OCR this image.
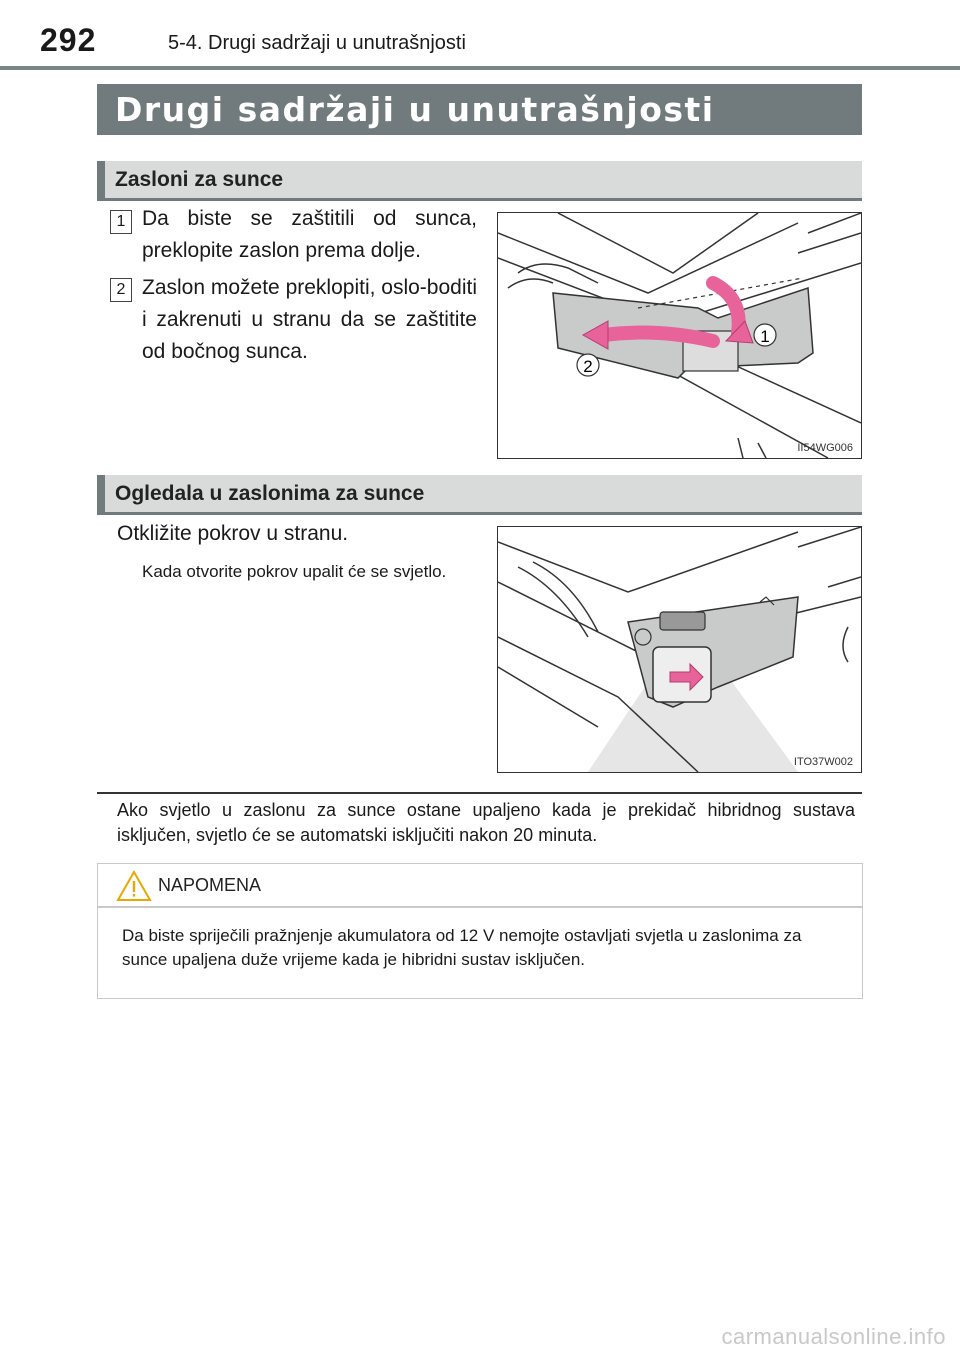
292	5-4. Drugi sadržaji u unutrašnjosti
Drugi sadržaji u unutrašnjosti
Zasloni za sunce
1 Da biste se zaštitili od sunca, preklopite zaslon prema dolje.
2 Zaslon možete preklopiti, oslo-boditi i zakrenuti u stranu da se zaštitite od bočnog sunca.
1
2
II54WG006
Ogledala u zaslonima za sunce
Otkližite pokrov u stranu.
Kada otvorite pokrov upalit će se svjetlo.
ITO37W002
Ako svjetlo u zaslonu za sunce ostane upaljeno kada je prekidač hibridnog sustava isključen, svjetlo će se automatski isključiti nakon 20 minuta.
NAPOMENA
Da biste spriječili pražnjenje akumulatora od 12 V nemojte ostavljati svjetla u zaslonima za sunce upaljena duže vrijeme kada je hibridni sustav isključen.
carmanualsonline.info
